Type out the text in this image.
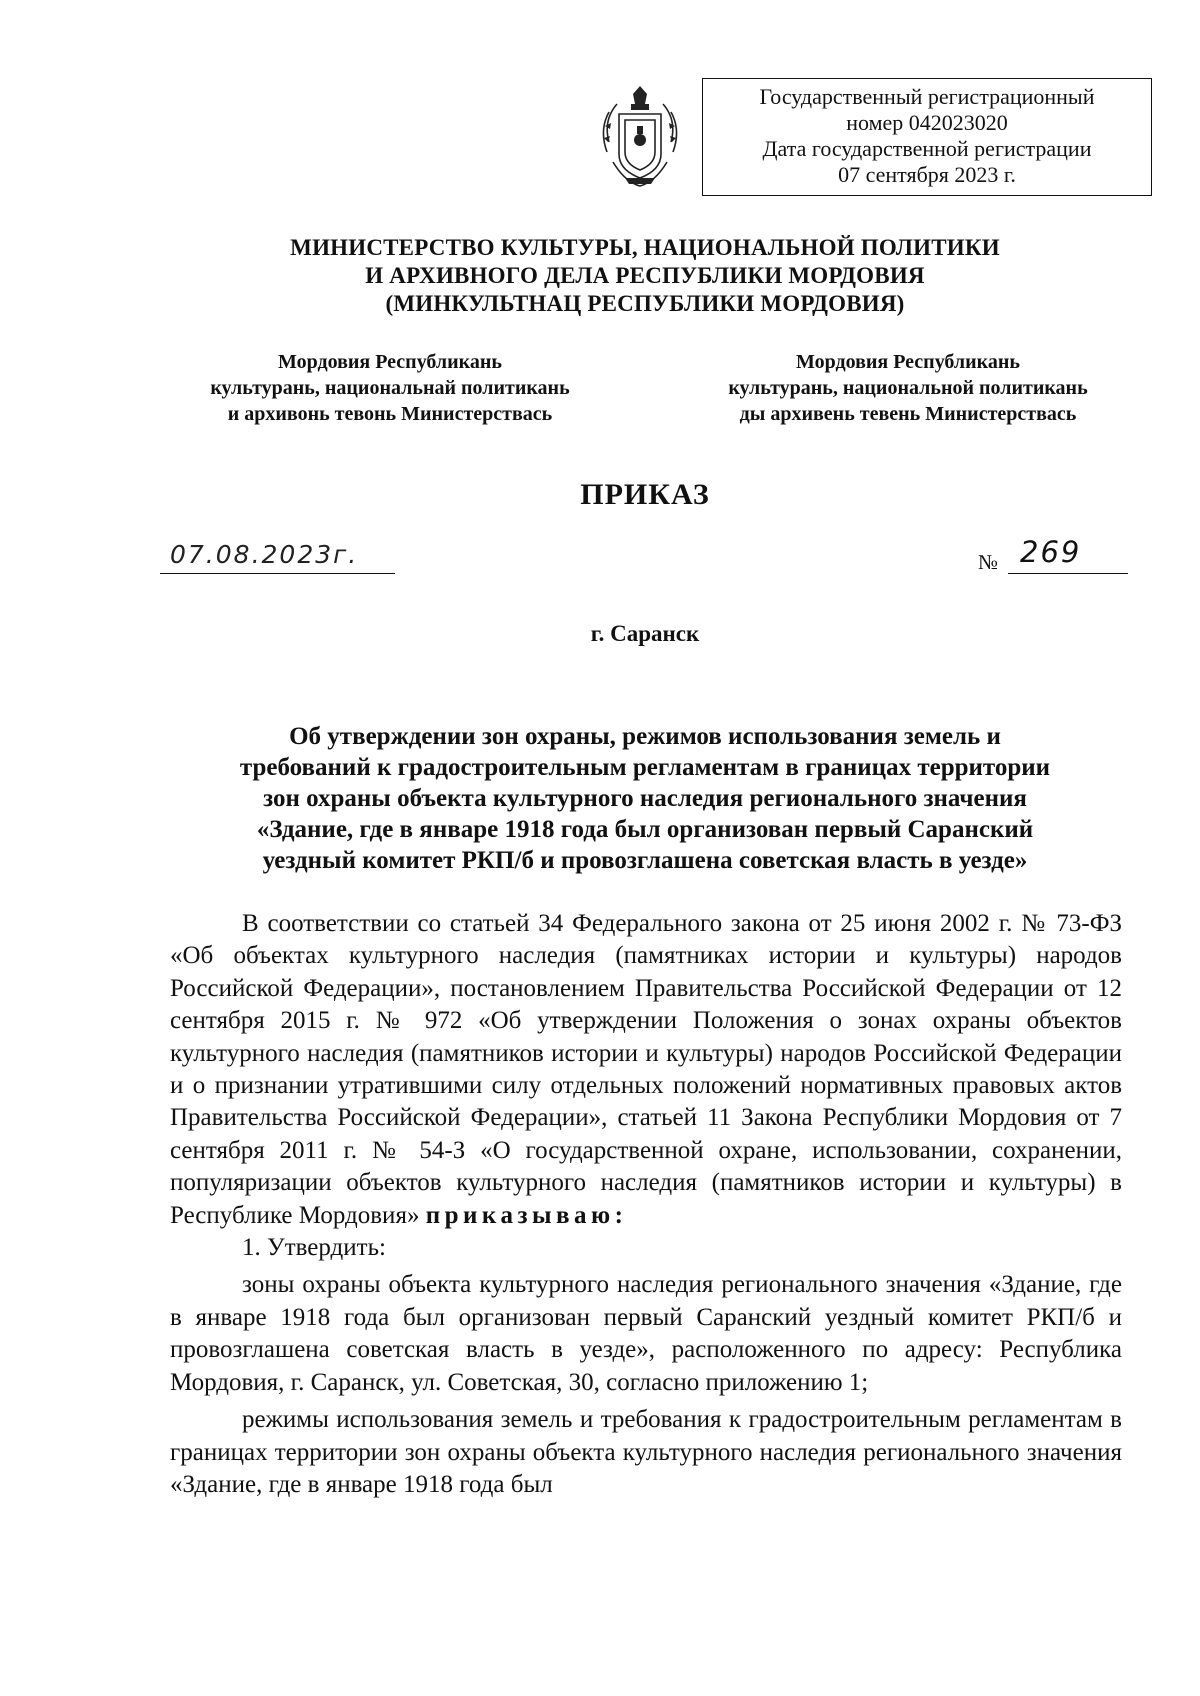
Государственный регистрационный
номер 042023020
Дата государственной регистрации
07 сентября 2023 г.
МИНИСТЕРСТВО КУЛЬТУРЫ, НАЦИОНАЛЬНОЙ ПОЛИТИКИ
И АРХИВНОГО ДЕЛА РЕСПУБЛИКИ МОРДОВИЯ
(МИНКУЛЬТНАЦ РЕСПУБЛИКИ МОРДОВИЯ)
Мордовия Республикань
культурань, национальнай политикань
и архивонь тевонь Министерствась
Мордовия Республикань
культурань, национальной политикань
ды архивень тевень Министерствась
ПРИКАЗ
07.08.2023г.	№ 269
г. Саранск
Об утверждении зон охраны, режимов использования земель и
требований к градостроительным регламентам в границах территории
зон охраны объекта культурного наследия регионального значения
«Здание, где в январе 1918 года был организован первый Саранский
уездный комитет РКП/б и провозглашена советская власть в уезде»

В соответствии со статьей 34 Федерального закона от 25 июня 2002 г. № 73-ФЗ «Об объектах культурного наследия (памятниках истории и культуры) народов Российской Федерации», постановлением Правительства Российской Федерации от 12 сентября 2015 г. № 972 «Об утверждении Положения о зонах охраны объектов культурного наследия (памятников истории и культуры) народов Российской Федерации и о признании утратившими силу отдельных положений нормативных правовых актов Правительства Российской Федерации», статьей 11 Закона Республики Мордовия от 7 сентября 2011 г. № 54-З «О государственной охране, использовании, сохранении, популяризации объектов культурного наследия (памятников истории и культуры) в Республике Мордовия» приказываю:

1. Утвердить:

зоны охраны объекта культурного наследия регионального значения «Здание, где в январе 1918 года был организован первый Саранский уездный комитет РКП/б и провозглашена советская власть в уезде», расположенного по адресу: Республика Мордовия, г. Саранск, ул. Советская, 30, согласно приложению 1;

режимы использования земель и требования к градостроительным регламентам в границах территории зон охраны объекта культурного наследия регионального значения «Здание, где в январе 1918 года был
